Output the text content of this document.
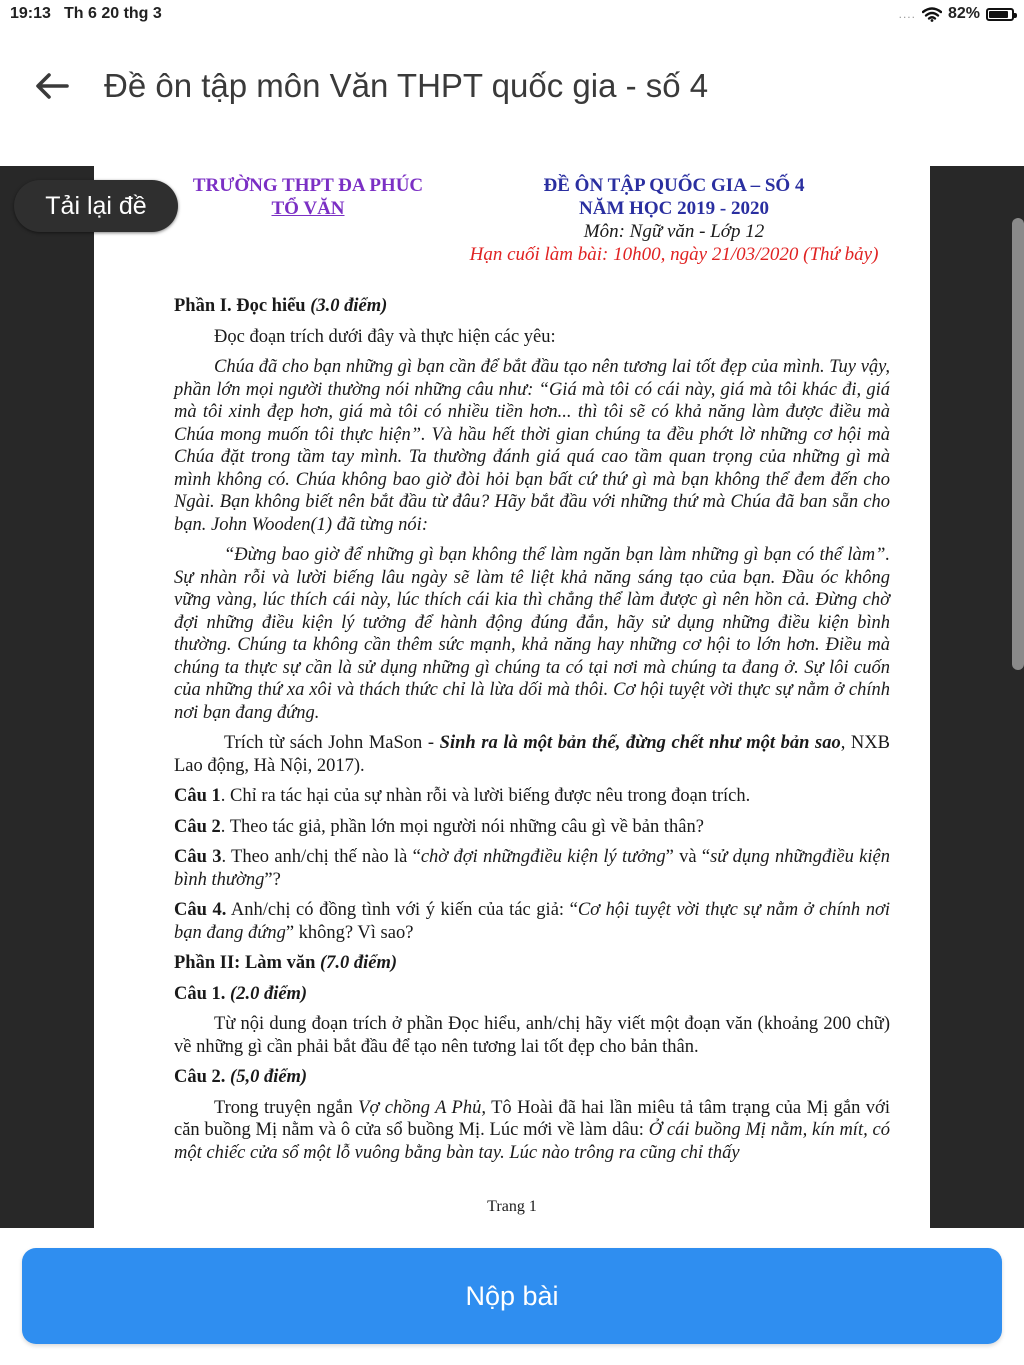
19:13 Th 6 20 thg 3	.... 82%
Đề ôn tập môn Văn THPT quốc gia - số 4
Tải lại đề
TRƯỜNG THPT ĐA PHÚC
TỔ VĂN
ĐỀ ÔN TẬP QUỐC GIA – SỐ 4
NĂM HỌC 2019 - 2020
Môn: Ngữ văn - Lớp 12
Hạn cuối làm bài: 10h00, ngày 21/03/2020 (Thứ bảy)

Phần I. Đọc hiểu (3.0 điểm)

Đọc đoạn trích dưới đây và thực hiện các yêu:

Chúa đã cho bạn những gì bạn cần để bắt đầu tạo nên tương lai tốt đẹp của mình. Tuy vậy, phần lớn mọi người thường nói những câu như: “Giá mà tôi có cái này, giá mà tôi khác đi, giá mà tôi xinh đẹp hơn, giá mà tôi có nhiều tiền hơn... thì tôi sẽ có khả năng làm được điều mà Chúa mong muốn tôi thực hiện”. Và hầu hết thời gian chúng ta đều phớt lờ những cơ hội mà Chúa đặt trong tầm tay mình. Ta thường đánh giá quá cao tầm quan trọng của những gì mà mình không có. Chúa không bao giờ đòi hỏi bạn bất cứ thứ gì mà bạn không thể đem đến cho Ngài. Bạn không biết nên bắt đầu từ đâu? Hãy bắt đầu với những thứ mà Chúa đã ban sẵn cho bạn. John Wooden(1) đã từng nói:

“Đừng bao giờ để những gì bạn không thể làm ngăn bạn làm những gì bạn có thể làm”. Sự nhàn rỗi và lười biếng lâu ngày sẽ làm tê liệt khả năng sáng tạo của bạn. Đầu óc không vững vàng, lúc thích cái này, lúc thích cái kia thì chẳng thể làm được gì nên hồn cả. Đừng chờ đợi những điều kiện lý tưởng để hành động đúng đắn, hãy sử dụng những điều kiện bình thường. Chúng ta không cần thêm sức mạnh, khả năng hay những cơ hội to lớn hơn. Điều mà chúng ta thực sự cần là sử dụng những gì chúng ta có tại nơi mà chúng ta đang ở. Sự lôi cuốn của những thứ xa xôi và thách thức chỉ là lừa dối mà thôi. Cơ hội tuyệt vời thực sự nằm ở chính nơi bạn đang đứng.

Trích từ sách John MaSon - Sinh ra là một bản thể, đừng chết như một bản sao, NXB Lao động, Hà Nội, 2017).

Câu 1. Chỉ ra tác hại của sự nhàn rỗi và lười biếng được nêu trong đoạn trích.

Câu 2. Theo tác giả, phần lớn mọi người nói những câu gì về bản thân?

Câu 3. Theo anh/chị thế nào là “chờ đợi nhữngđiều kiện lý tưởng” và “sử dụng nhữngđiều kiện bình thường”?

Câu 4. Anh/chị có đồng tình với ý kiến của tác giả: “Cơ hội tuyệt vời thực sự nằm ở chính nơi bạn đang đứng” không? Vì sao?

Phần II: Làm văn (7.0 điểm)

Câu 1. (2.0 điểm)

Từ nội dung đoạn trích ở phần Đọc hiểu, anh/chị hãy viết một đoạn văn (khoảng 200 chữ) về những gì cần phải bắt đầu để tạo nên tương lai tốt đẹp cho bản thân.

Câu 2. (5,0 điểm)

Trong truyện ngắn Vợ chồng A Phủ, Tô Hoài đã hai lần miêu tả tâm trạng của Mị gắn với căn buồng Mị nằm và ô cửa sổ buồng Mị. Lúc mới về làm dâu: Ở cái buồng Mị nằm, kín mít, có một chiếc cửa sổ một lỗ vuông bằng bàn tay. Lúc nào trông ra cũng chỉ thấy

Trang 1
Nộp bài
